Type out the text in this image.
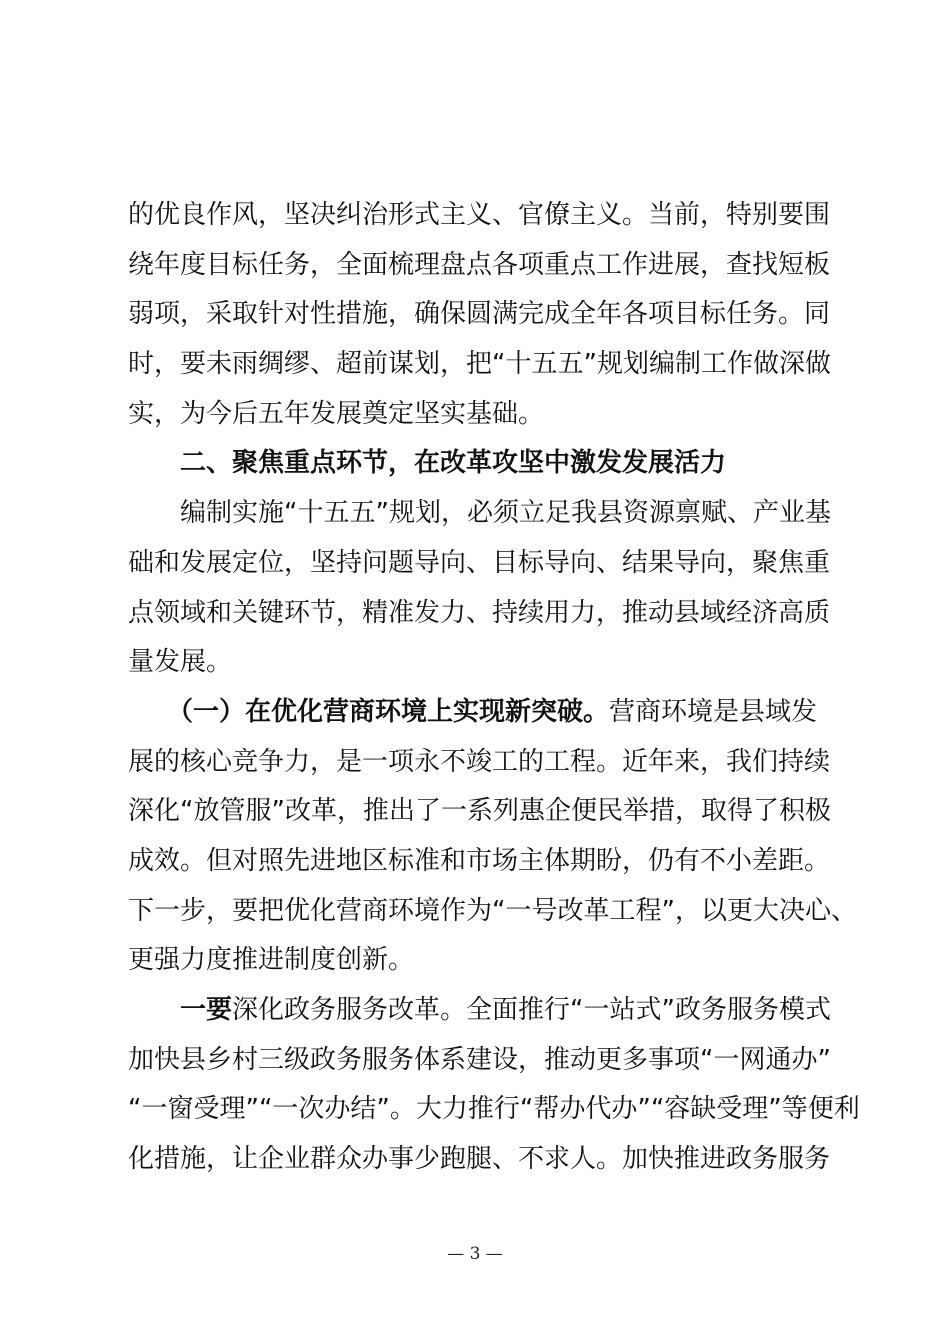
的优良作风，坚决纠治形式主义、官僚主义。当前，特别要围
绕年度目标任务，全面梳理盘点各项重点工作进展，查找短板
弱项，采取针对性措施，确保圆满完成全年各项目标任务。同
时，要未雨绸缪、超前谋划，把“十五五”规划编制工作做深做
实，为今后五年发展奠定坚实基础。
　　二、聚焦重点环节，在改革攻坚中激发发展活力
　　编制实施“十五五”规划，必须立足我县资源禀赋、产业基
础和发展定位，坚持问题导向、目标导向、结果导向，聚焦重
点领域和关键环节，精准发力、持续用力，推动县域经济高质
量发展。
　　（一）在优化营商环境上实现新突破。营商环境是县域发
展的核心竞争力，是一项永不竣工的工程。近年来，我们持续
深化“放管服”改革，推出了一系列惠企便民举措，取得了积极
成效。但对照先进地区标准和市场主体期盼，仍有不小差距。
下一步，要把优化营商环境作为“一号改革工程”，以更大决心、
更强力度推进制度创新。
　　一要深化政务服务改革。全面推行“一站式”政务服务模式
加快县乡村三级政务服务体系建设，推动更多事项“一网通办”
“一窗受理”“一次办结”。大力推行“帮办代办”“容缺受理”等便利
化措施，让企业群众办事少跑腿、不求人。加快推进政务服务
— 3 —
